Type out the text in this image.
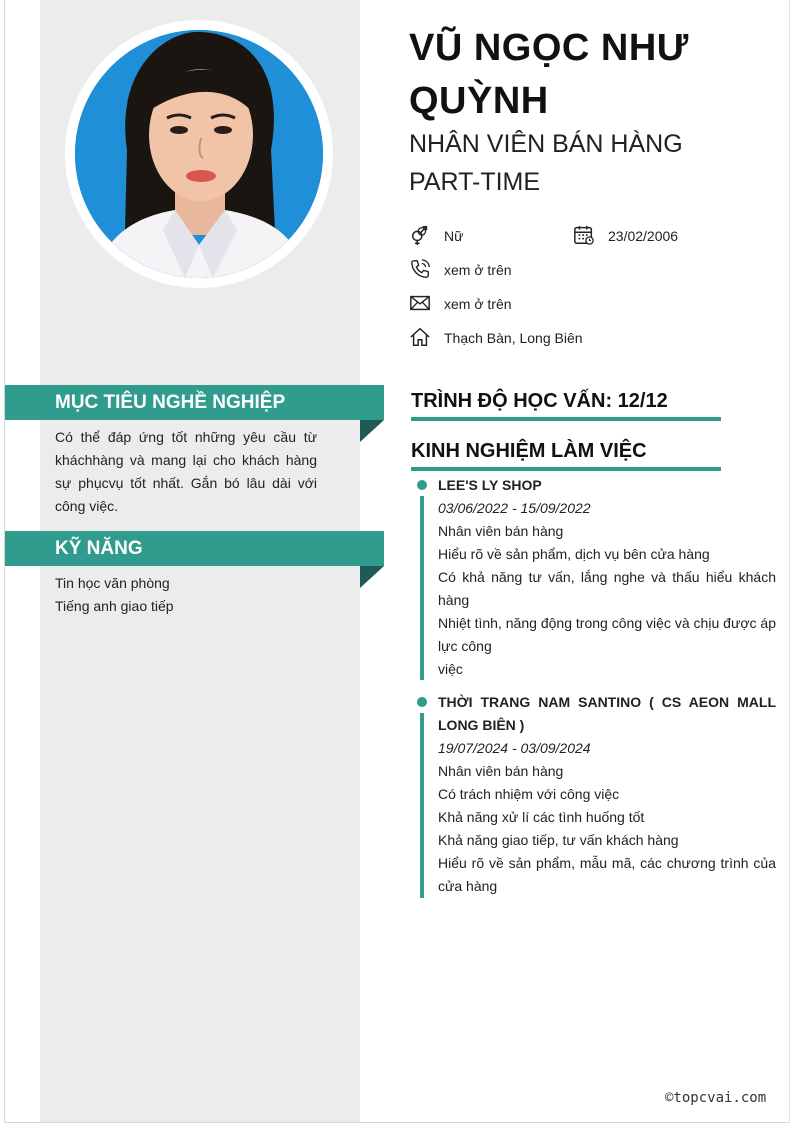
VŨ NGỌC NHƯ QUỲNH
NHÂN VIÊN BÁN HÀNG PART-TIME
Nữ	23/02/2006
xem ở trên
xem ở trên
Thạch Bàn, Long Biên
MỤC TIÊU NGHỀ NGHIỆP
Có thể đáp ứng tốt những yêu cầu từ kháchhàng và mang lại cho khách hàng sự phụcvụ tốt nhất. Gắn bó lâu dài với công việc.
KỸ NĂNG
Tin học văn phòng
Tiếng anh giao tiếp
TRÌNH ĐỘ HỌC VẤN: 12/12
KINH NGHIỆM LÀM VIỆC
LEE'S LY SHOP
03/06/2022 - 15/09/2022
Nhân viên bán hàng
Hiểu rõ về sản phẩm, dịch vụ bên cửa hàng
Có khả năng tư vấn, lắng nghe và thấu hiểu khách hàng
Nhiệt tình, năng động trong công việc và chịu được áp lực công
việc
THỜI TRANG NAM SANTINO ( CS AEON MALL LONG BIÊN )
19/07/2024 - 03/09/2024
Nhân viên bán hàng
Có trách nhiệm với công việc
Khả năng xử lí các tình huống tốt
Khả năng giao tiếp, tư vấn khách hàng
Hiểu rõ về sản phẩm, mẫu mã, các chương trình của cửa hàng
©topcvai.com
